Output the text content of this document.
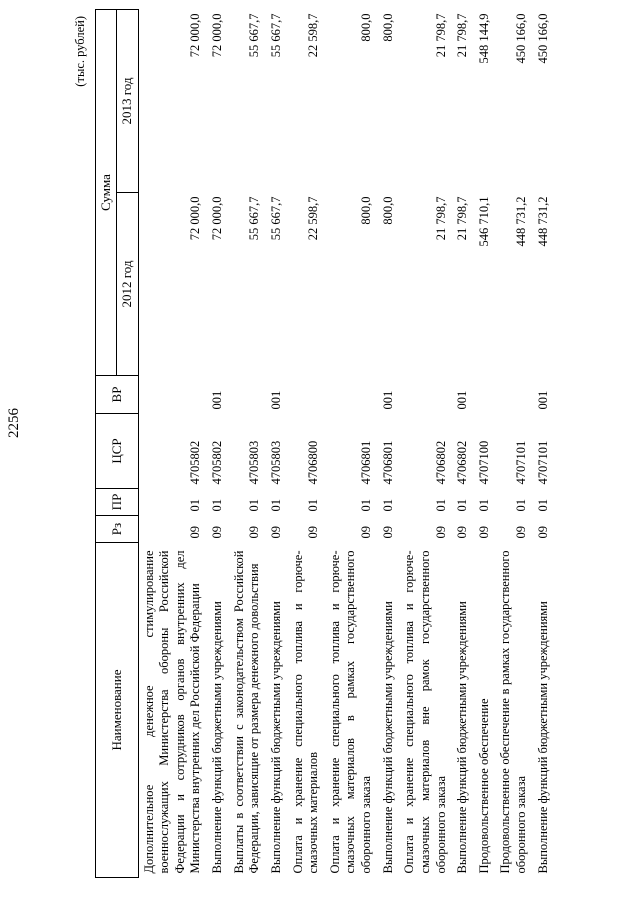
2256
(тыс. рублей)
Наименование	Рз	ПР	ЦСР	ВР	Сумма	
					2012 год	2013 год
Дополнительное денежное стимулирование военнослужащих Министерства обороны Российской Федерации и сотрудников органов внутренних дел Министерства внутренних дел Российской Федерации	09	01	4705802		72 000,0	72 000,0
Выполнение функций бюджетными учреждениями	09	01	4705802	001	72 000,0	72 000,0
Выплаты в соответствии с законодательством Российской Федерации, зависящие от размера денежного довольствия	09	01	4705803		55 667,7	55 667,7
Выполнение функций бюджетными учреждениями	09	01	4705803	001	55 667,7	55 667,7
Оплата и хранение специального топлива и горюче-смазочных материалов	09	01	4706800		22 598,7	22 598,7
Оплата и хранение специального топлива и горюче-смазочных материалов в рамках государственного оборонного заказа	09	01	4706801		800,0	800,0
Выполнение функций бюджетными учреждениями	09	01	4706801	001	800,0	800,0
Оплата и хранение специального топлива и горюче-смазочных материалов вне рамок государственного оборонного заказа	09	01	4706802		21 798,7	21 798,7
Выполнение функций бюджетными учреждениями	09	01	4706802	001	21 798,7	21 798,7
Продовольственное обеспечение	09	01	4707100		546 710,1	548 144,9
Продовольственное обеспечение в рамках государственного оборонного заказа	09	01	4707101		448 731,2	450 166,0
Выполнение функций бюджетными учреждениями	09	01	4707101	001	448 731,2	450 166,0
